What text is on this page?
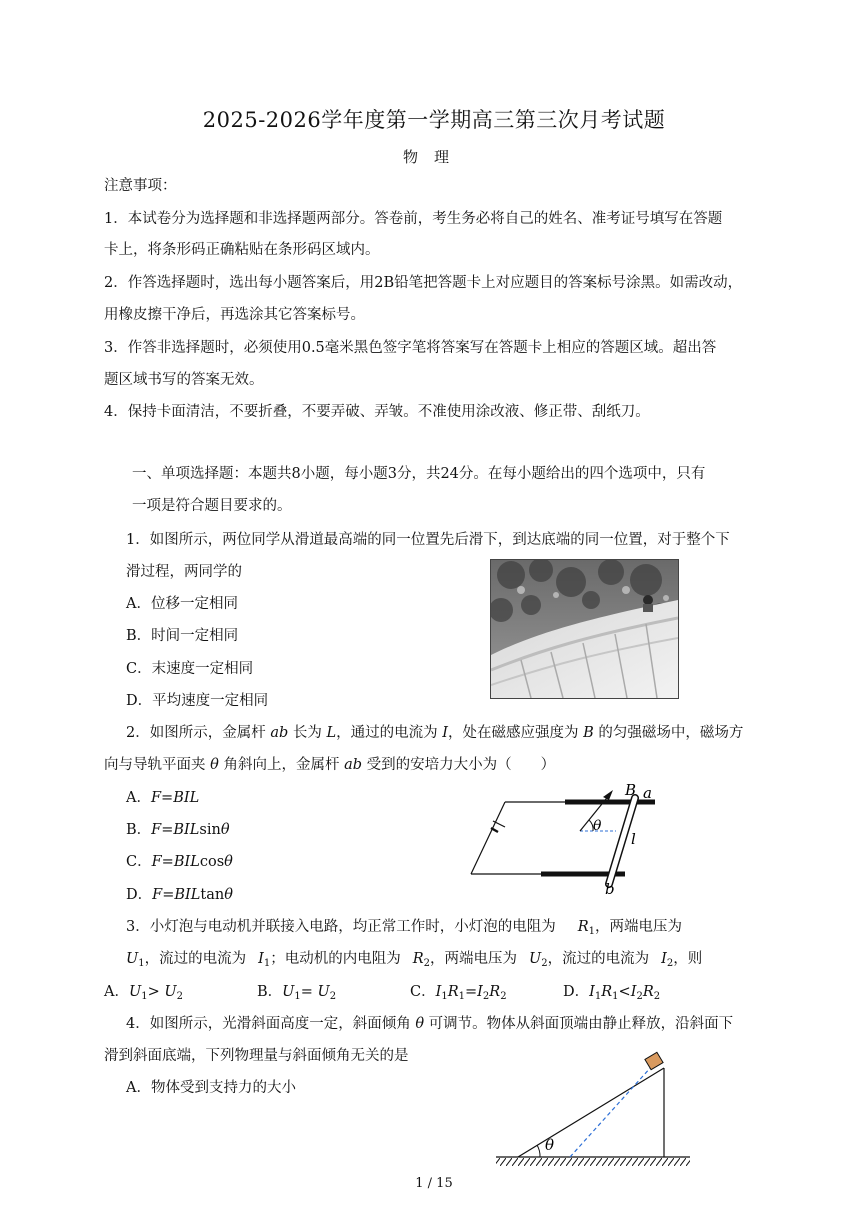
2025-2026学年度第一学期高三第三次月考试题
物理
注意事项：
1．本试卷分为选择题和非选择题两部分。答卷前，考生务必将自己的姓名、准考证号填写在答题
卡上，将条形码正确粘贴在条形码区域内。
2．作答选择题时，选出每小题答案后，用2B铅笔把答题卡上对应题目的答案标号涂黑。如需改动，
用橡皮擦干净后，再选涂其它答案标号。
3．作答非选择题时，必须使用0.5毫米黑色签字笔将答案写在答题卡上相应的答题区域。超出答
题区域书写的答案无效。
4．保持卡面清洁，不要折叠，不要弄破、弄皱。不准使用涂改液、修正带、刮纸刀。
一、单项选择题：本题共8小题，每小题3分，共24分。在每小题给出的四个选项中，只有
一项是符合题目要求的。
1．如图所示，两位同学从滑道最高端的同一位置先后滑下，到达底端的同一位置，对于整个下
滑过程，两同学的
A．位移一定相同
B．时间一定相同
C．末速度一定相同
D．平均速度一定相同
2．如图所示，金属杆 ab 长为 L，通过的电流为 I，处在磁感应强度为 B 的匀强磁场中，磁场方
向与导轨平面夹 θ 角斜向上，金属杆 ab 受到的安培力大小为（　　）
A．F=BIL
B．F=BILsinθ
C．F=BILcosθ
D．F=BILtanθ
B a
θ
l
b
3．小灯泡与电动机并联接入电路，均正常工作时，小灯泡的电阻为 $R_1$，两端电压为
$U_1$，流过的电流为 $I_1$；电动机的内电阻为 $R_2$，两端电压为 $U_2$，流过的电流为 $I_2$，则
A．$U_1> U_2$	B．$U_1= U_2$	C．$I_1R_1=I_2R_2$	D．$I_1R_1<I_2R_2$
4．如图所示，光滑斜面高度一定，斜面倾角 θ 可调节。物体从斜面顶端由静止释放，沿斜面下
滑到斜面底端，下列物理量与斜面倾角无关的是
A．物体受到支持力的大小
θ
1 / 15
